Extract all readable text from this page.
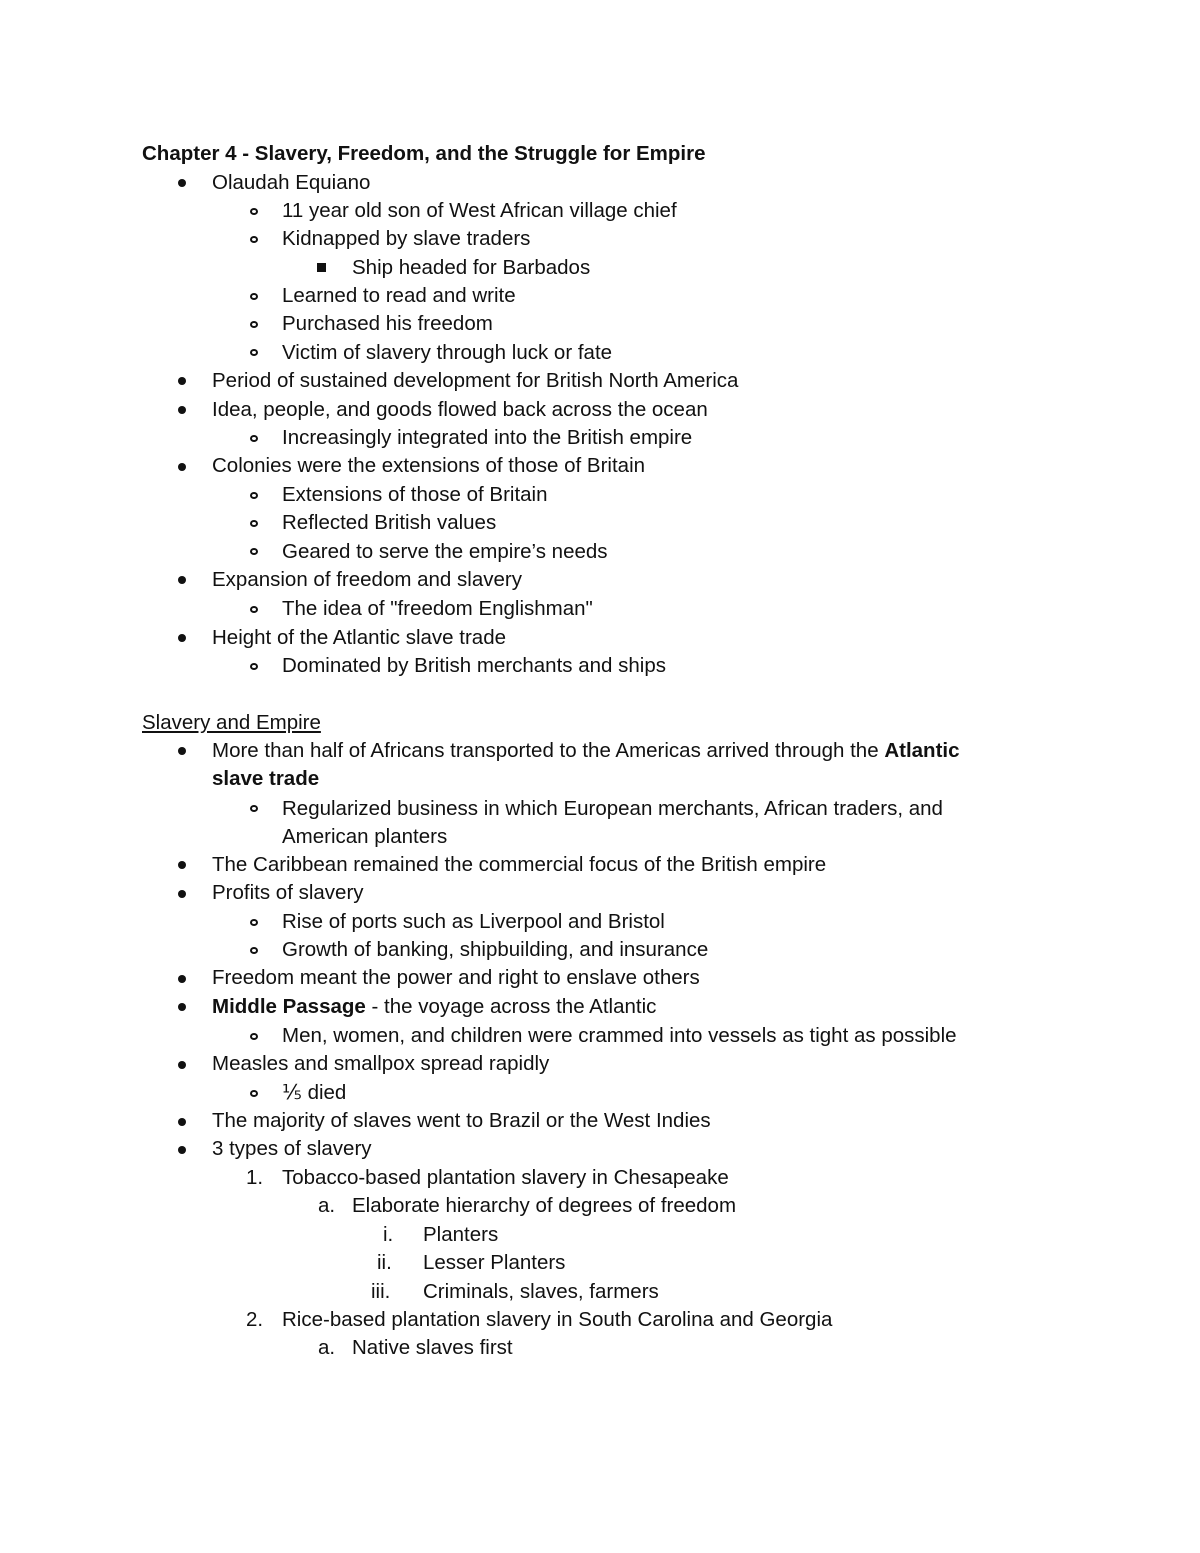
Chapter 4 - Slavery, Freedom, and the Struggle for Empire
Olaudah Equiano
11 year old son of West African village chief
Kidnapped by slave traders
Ship headed for Barbados
Learned to read and write
Purchased his freedom
Victim of slavery through luck or fate
Period of sustained development for British North America
Idea, people, and goods flowed back across the ocean
Increasingly integrated into the British empire
Colonies were the extensions of those of Britain
Extensions of those of Britain
Reflected British values
Geared to serve the empire’s needs
Expansion of freedom and slavery
The idea of "freedom Englishman"
Height of the Atlantic slave trade
Dominated by British merchants and ships
Slavery and Empire
More than half of Africans transported to the Americas arrived through the Atlantic
slave trade
Regularized business in which European merchants, African traders, and
American planters
The Caribbean remained the commercial focus of the British empire
Profits of slavery
Rise of ports such as Liverpool and Bristol
Growth of banking, shipbuilding, and insurance
Freedom meant the power and right to enslave others
Middle Passage - the voyage across the Atlantic
Men, women, and children were crammed into vessels as tight as possible
Measles and smallpox spread rapidly
⅕ died
The majority of slaves went to Brazil or the West Indies
3 types of slavery
1. Tobacco-based plantation slavery in Chesapeake
a. Elaborate hierarchy of degrees of freedom
i. Planters
ii. Lesser Planters
iii. Criminals, slaves, farmers
2. Rice-based plantation slavery in South Carolina and Georgia
a. Native slaves first
